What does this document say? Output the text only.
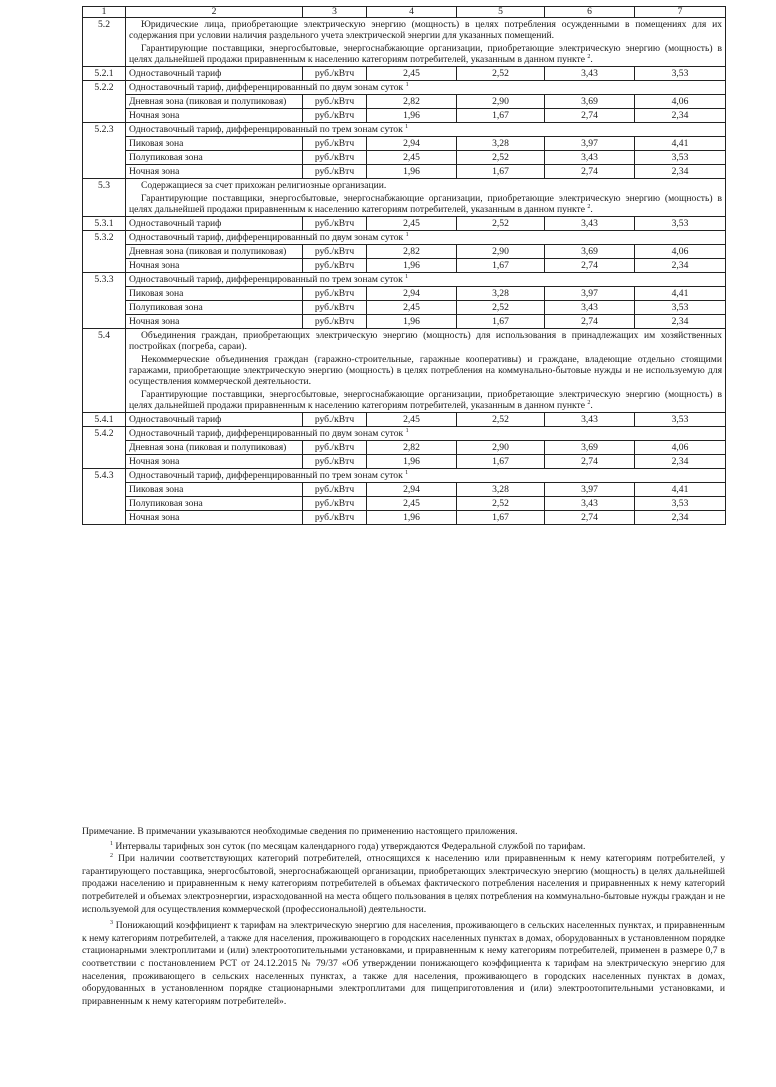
1	2	3	4	5	6	7
5.2	Юридические лица, приобретающие электрическую энергию (мощность) в целях потребления осужденными в помещениях для их содержания при условии наличия раздельного учета электрической энергии для указанных помещений.

Гарантирующие поставщики, энергосбытовые, энергоснабжающие организации, приобретающие электрическую энергию (мощность) в целях дальнейшей продажи приравненным к населению категориям потребителей, указанным в данном пункте $^2$.					

5.2.1	Одноставочный тариф	руб./кВтч	2,45	2,52	3,43	3,53
5.2.2	Одноставочный тариф, дифференцированный по двум зонам суток $^1$
	Дневная зона (пиковая и полупиковая)	руб./кВтч	2,82	2,90	3,69	4,06
	Ночная зона	руб./кВтч	1,96	1,67	2,74	2,34
5.2.3	Одноставочный тариф, дифференцированный по трем зонам суток $^1$
	Пиковая зона	руб./кВтч	2,94	3,28	3,97	4,41
	Полупиковая зона	руб./кВтч	2,45	2,52	3,43	3,53
	Ночная зона	руб./кВтч	1,96	1,67	2,74	2,34
5.3	Содержащиеся за счет прихожан религиозные организации.

Гарантирующие поставщики, энергосбытовые, энергоснабжающие организации, приобретающие электрическую энергию (мощность) в целях дальнейшей продажи приравненным к населению категориям потребителей, указанным в данном пункте $^2$.					

5.3.1	Одноставочный тариф	руб./кВтч	2,45	2,52	3,43	3,53
5.3.2	Одноставочный тариф, дифференцированный по двум зонам суток $^1$
	Дневная зона (пиковая и полупиковая)	руб./кВтч	2,82	2,90	3,69	4,06
	Ночная зона	руб./кВтч	1,96	1,67	2,74	2,34
5.3.3	Одноставочный тариф, дифференцированный по трем зонам суток $^1$
	Пиковая зона	руб./кВтч	2,94	3,28	3,97	4,41
	Полупиковая зона	руб./кВтч	2,45	2,52	3,43	3,53
	Ночная зона	руб./кВтч	1,96	1,67	2,74	2,34
5.4	Объединения граждан, приобретающих электрическую энергию (мощность) для использования в принадлежащих им хозяйственных постройках (погреба, сараи).

Некоммерческие объединения граждан (гаражно-строительные, гаражные кооперативы) и граждане, владеющие отдельно стоящими гаражами, приобретающие электрическую энергию (мощность) в целях потребления на коммунально-бытовые нужды и не используемую для осуществления коммерческой деятельности.

Гарантирующие поставщики, энергосбытовые, энергоснабжающие организации, приобретающие электрическую энергию (мощность) в целях дальнейшей продажи приравненным к населению категориям потребителей, указанным в данном пункте $^2$.					

5.4.1	Одноставочный тариф	руб./кВтч	2,45	2,52	3,43	3,53
5.4.2	Одноставочный тариф, дифференцированный по двум зонам суток $^1$
	Дневная зона (пиковая и полупиковая)	руб./кВтч	2,82	2,90	3,69	4,06
	Ночная зона	руб./кВтч	1,96	1,67	2,74	2,34
5.4.3	Одноставочный тариф, дифференцированный по трем зонам суток $^1$
	Пиковая зона	руб./кВтч	2,94	3,28	3,97	4,41
	Полупиковая зона	руб./кВтч	2,45	2,52	3,43	3,53
	Ночная зона	руб./кВтч	1,96	1,67	2,74	2,34

Примечание. В примечании указываются необходимые сведения по применению настоящего приложения.

$^1$ Интервалы тарифных зон суток (по месяцам календарного года) утверждаются Федеральной службой по тарифам.

$^2$ При наличии соответствующих категорий потребителей, относящихся к населению или приравненным к нему категориям потребителей, у гарантирующего поставщика, энергосбытовой, энергоснабжающей организации, приобретающих электрическую энергию (мощность) в целях дальнейшей продажи населению и приравненным к нему категориям потребителей в объемах фактического потребления населения и приравненных к нему категорий потребителей и объемах электроэнергии, израсходованной на места общего пользования в целях потребления на коммунально-бытовые нужды граждан и не используемой для осуществления коммерческой (профессиональной) деятельности.

$^3$ Понижающий коэффициент к тарифам на электрическую энергию для населения, проживающего в сельских населенных пунктах, и приравненным к нему категориям потребителей, а также для населения, проживающего в городских населенных пунктах в домах, оборудованных в установленном порядке стационарными электроплитами и (или) электроотопительными установками, и приравненным к нему категориям потребителей, применен в размере 0,7 в соответствии с постановлением РСТ от 24.12.2015 № 79/37 «Об утверждении понижающего коэффициента к тарифам на электрическую энергию для населения, проживающего в сельских населенных пунктах, а также для населения, проживающего в городских населенных пунктах в домах, оборудованных в установленном порядке стационарными электроплитами для пищеприготовления и (или) электроотопительными установками, и приравненным к нему категориям потребителей».
